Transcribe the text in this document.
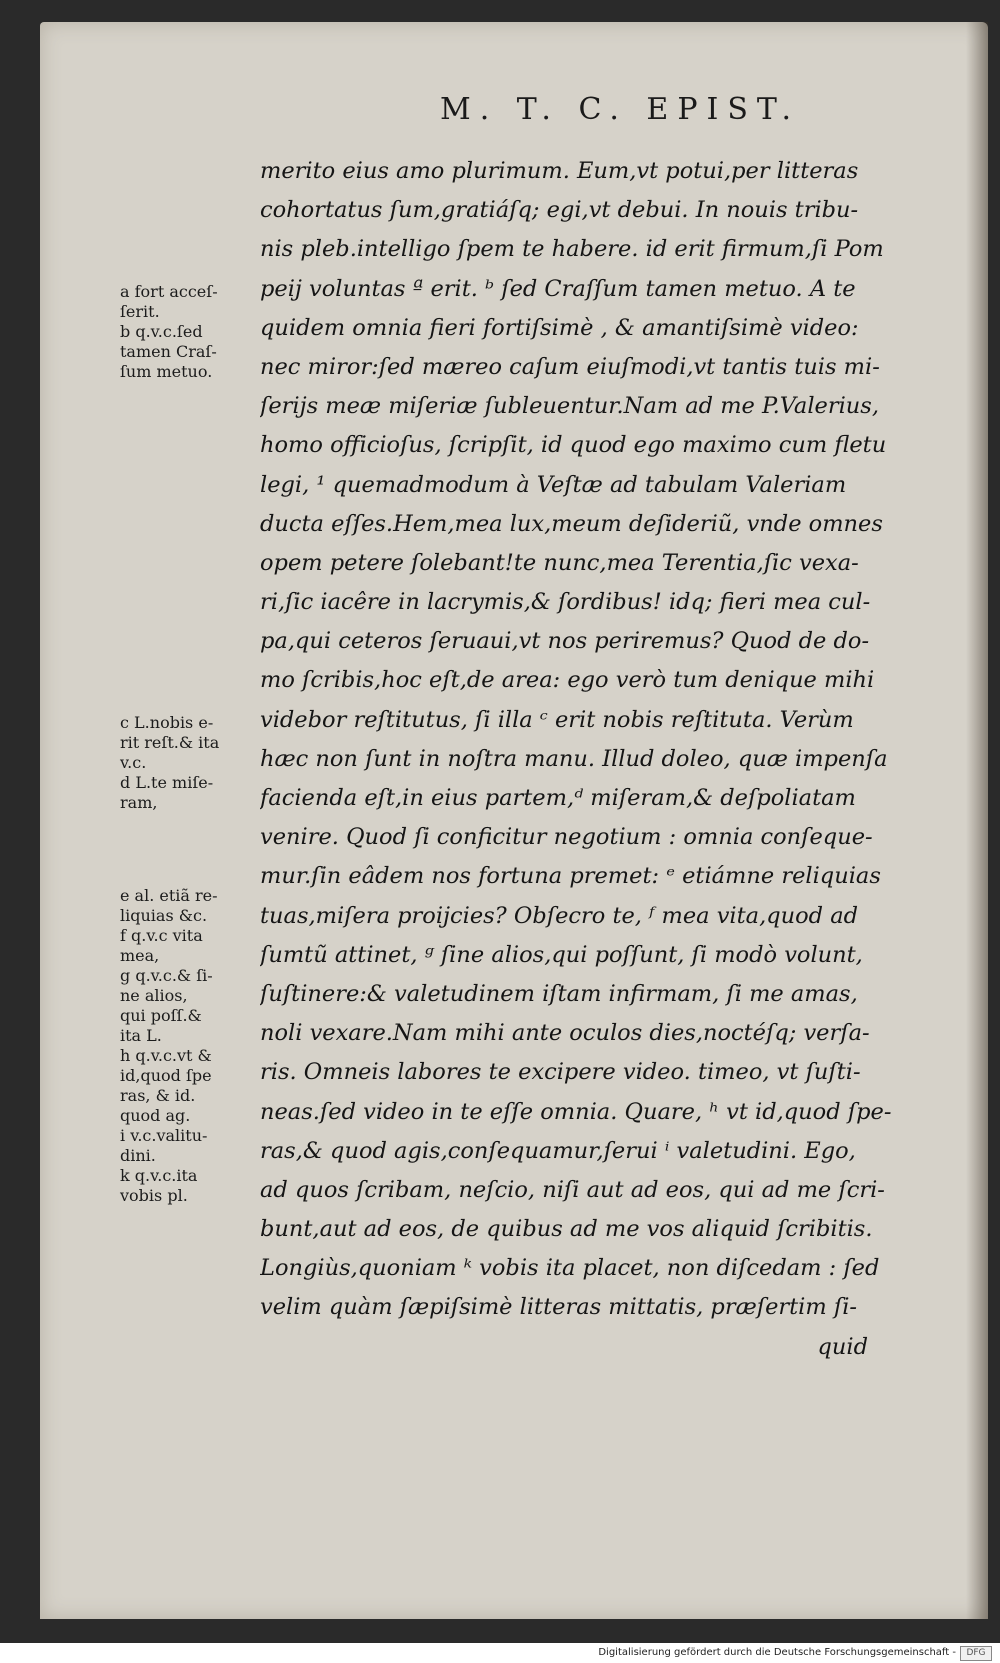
M. T. C. EPIST.
merito eius amo plurimum. Eum,vt potui,per litteras
cohortatus ſum,gratiáſq; egi,vt debui. In nouis tribu-
nis pleb.intelligo ſpem te habere. id erit firmum,ſi Pom
peij voluntas ª erit. ᵇ ſed Craſſum tamen metuo. A te
quidem omnia fieri fortiſsimè , & amantiſsimè video:
nec miror:ſed mæreo caſum eiuſmodi,vt tantis tuis mi-
ſerijs meæ miſeriæ ſubleuentur.Nam ad me P.Valerius,
homo officioſus, ſcripſit, id quod ego maximo cum fletu
legi, ¹ quemadmodum à Veſtæ ad tabulam Valeriam
ducta eſſes.Hem,mea lux,meum deſideriũ, vnde omnes
opem petere ſolebant!te nunc,mea Terentia,ſic vexa-
ri,ſic iacêre in lacrymis,& ſordibus! idq; fieri mea cul-
pa,qui ceteros ſeruaui,vt nos periremus? Quod de do-
mo ſcribis,hoc eſt,de area: ego verò tum denique mihi
videbor reſtitutus, ſi illa ᶜ erit nobis reſtituta. Verùm
hæc non ſunt in noſtra manu. Illud doleo, quæ impenſa
facienda eſt,in eius partem,ᵈ miſeram,& deſpoliatam
venire. Quod ſi conficitur negotium : omnia conſeque-
mur.ſin eâdem nos fortuna premet: ᵉ etiámne reliquias
tuas,miſera proijcies? Obſecro te, ᶠ mea vita,quod ad
ſumtũ attinet, ᵍ ſine alios,qui poſſunt, ſi modò volunt,
ſuſtinere:& valetudinem iſtam infirmam, ſi me amas,
noli vexare.Nam mihi ante oculos dies,noctéſq; verſa-
ris. Omneis labores te excipere video. timeo, vt ſuſti-
neas.ſed video in te eſſe omnia. Quare, ʰ vt id,quod ſpe-
ras,& quod agis,conſequamur,ſerui ⁱ valetudini. Ego,
ad quos ſcribam, neſcio, niſi aut ad eos, qui ad me ſcri-
bunt,aut ad eos, de quibus ad me vos aliquid ſcribitis.
Longiùs,quoniam ᵏ vobis ita placet, non diſcedam : ſed
velim quàm ſæpiſsimè litteras mittatis, præſertim ſi-
quid
a fort acceſ-
ſerit.
b q.v.c.ſed
tamen Craſ-
ſum metuo.
c L.nobis e-
rit reſt.& ita
v.c.
d L.te miſe-
ram,
e al. etiã re-
liquias &c.
f q.v.c vita
mea,
g q.v.c.& ſi-
ne alios,
qui poſſ.&
ita L.
h q.v.c.vt &
id,quod ſpe
ras, & id.
quod ag.
i v.c.valitu-
dini.
k q.v.c.ita
vobis pl.
Digitalisierung gefördert durch die Deutsche Forschungsgemeinschaft -	DFG
